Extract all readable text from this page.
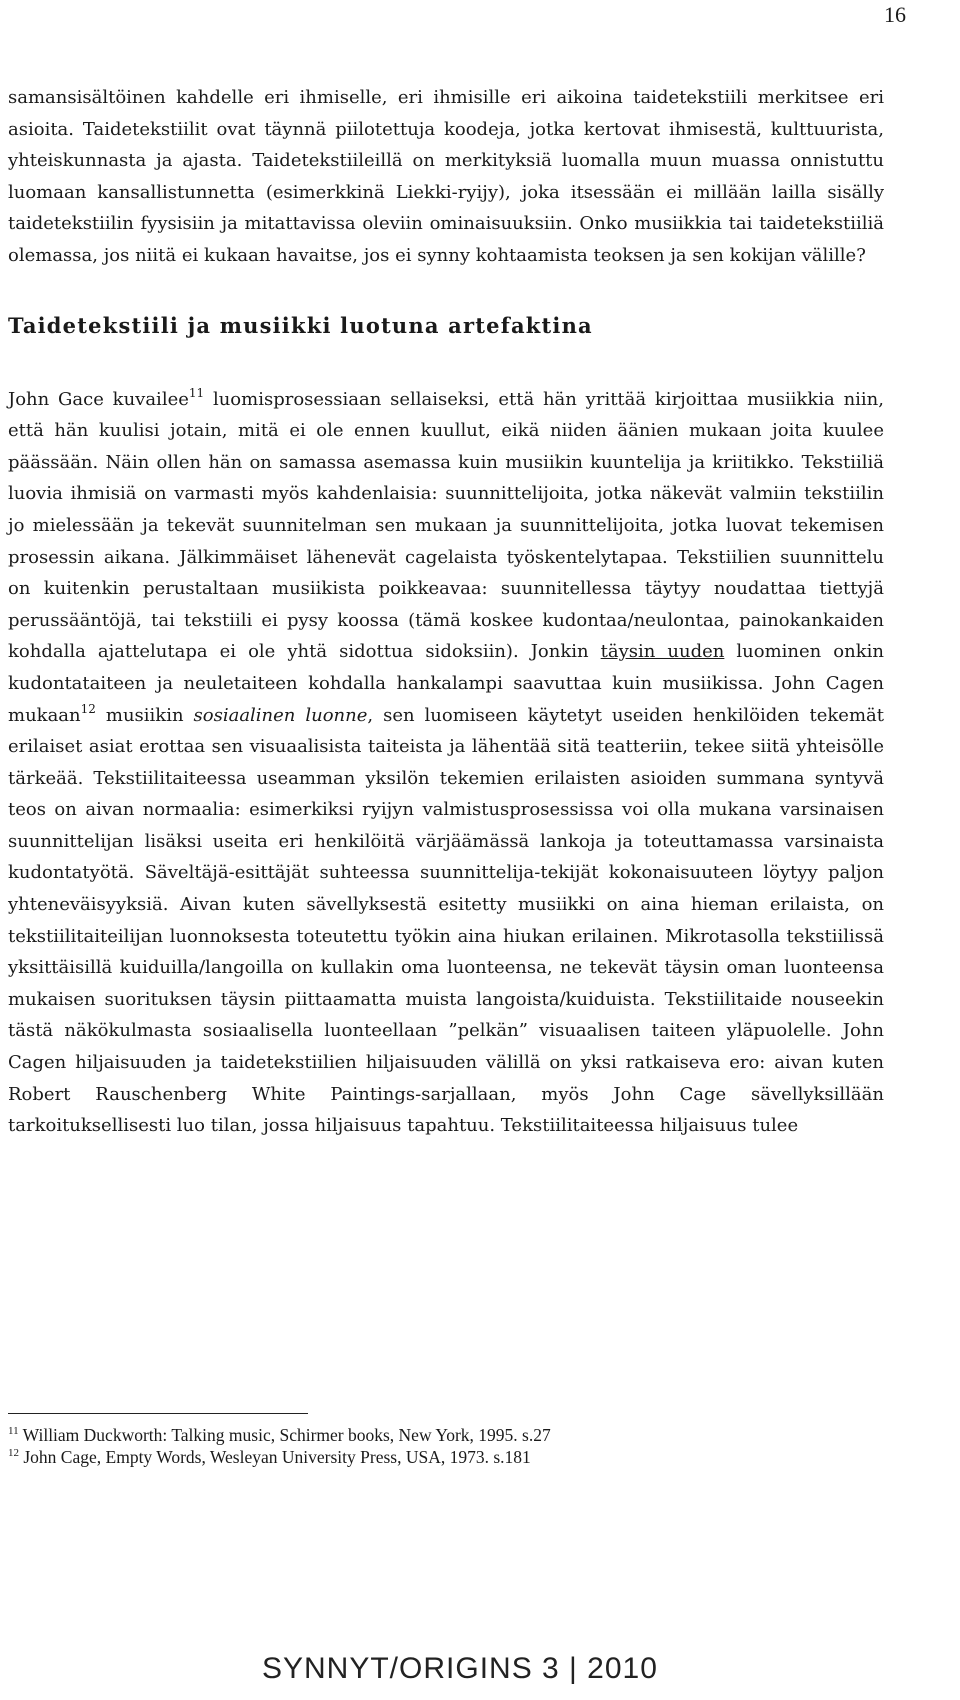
16

samansisältöinen kahdelle eri ihmiselle, eri ihmisille eri aikoina taidetekstiili merkitsee eri asioita. Taidetekstiilit ovat täynnä piilotettuja koodeja, jotka kertovat ihmisestä, kulttuurista, yhteiskunnasta ja ajasta. Taidetekstiileillä on merkityksiä luomalla muun muassa onnistuttu luomaan kansallistunnetta (esimerkkinä Liekki-ryijy), joka itsessään ei millään lailla sisälly taidetekstiilin fyysisiin ja mitattavissa oleviin ominaisuuksiin. Onko musiikkia tai taidetekstiiliä olemassa, jos niitä ei kukaan havaitse, jos ei synny kohtaamista teoksen ja sen kokijan välille?

Taidetekstiili ja musiikki luotuna artefaktina

John Gace kuvailee$^{11}$ luomisprosessiaan sellaiseksi, että hän yrittää kirjoittaa musiikkia niin, että hän kuulisi jotain, mitä ei ole ennen kuullut, eikä niiden äänien mukaan joita kuulee päässään. Näin ollen hän on samassa asemassa kuin musiikin kuuntelija ja kriitikko. Tekstiiliä luovia ihmisiä on varmasti myös kahdenlaisia: suunnittelijoita, jotka näkevät valmiin tekstiilin jo mielessään ja tekevät suunnitelman sen mukaan ja suunnittelijoita, jotka luovat tekemisen prosessin aikana. Jälkimmäiset lähenevät cagelaista työskentelytapaa. Tekstiilien suunnittelu on kuitenkin perustaltaan musiikista poikkeavaa: suunnitellessa täytyy noudattaa tiettyjä perussääntöjä, tai tekstiili ei pysy koossa (tämä koskee kudontaa/neulontaa, painokankaiden kohdalla ajattelutapa ei ole yhtä sidottua sidoksiin). Jonkin täysin uuden luominen onkin kudontataiteen ja neuletaiteen kohdalla hankalampi saavuttaa kuin musiikissa. John Cagen mukaan$^{12}$ musiikin sosiaalinen luonne, sen luomiseen käytetyt useiden henkilöiden tekemät erilaiset asiat erottaa sen visuaalisista taiteista ja lähentää sitä teatteriin, tekee siitä yhteisölle tärkeää. Tekstiilitaiteessa useamman yksilön tekemien erilaisten asioiden summana syntyvä teos on aivan normaalia: esimerkiksi ryijyn valmistusprosessissa voi olla mukana varsinaisen suunnittelijan lisäksi useita eri henkilöitä värjäämässä lankoja ja toteuttamassa varsinaista kudontatyötä. Säveltäjä-esittäjät suhteessa suunnittelija-tekijät kokonaisuuteen löytyy paljon yhteneväisyyksiä. Aivan kuten sävellyksestä esitetty musiikki on aina hieman erilaista, on tekstiilitaiteilijan luonnoksesta toteutettu työkin aina hiukan erilainen. Mikrotasolla tekstiilissä yksittäisillä kuiduilla/langoilla on kullakin oma luonteensa, ne tekevät täysin oman luonteensa mukaisen suorituksen täysin piittaamatta muista langoista/kuiduista. Tekstiilitaide nouseekin tästä näkökulmasta sosiaalisella luonteellaan ”pelkän” visuaalisen taiteen yläpuolelle. John Cagen hiljaisuuden ja taidetekstiilien hiljaisuuden välillä on yksi ratkaiseva ero: aivan kuten Robert Rauschenberg White Paintings-sarjallaan, myös John Cage sävellyksillään tarkoituksellisesti luo tilan, jossa hiljaisuus tapahtuu. Tekstiilitaiteessa hiljaisuus tulee

$^{11}$ William Duckworth: Talking music, Schirmer books, New York, 1995. s.27
$^{12}$ John Cage, Empty Words, Wesleyan University Press, USA, 1973. s.181
SYNNYT/ORIGINS 3 | 2010
